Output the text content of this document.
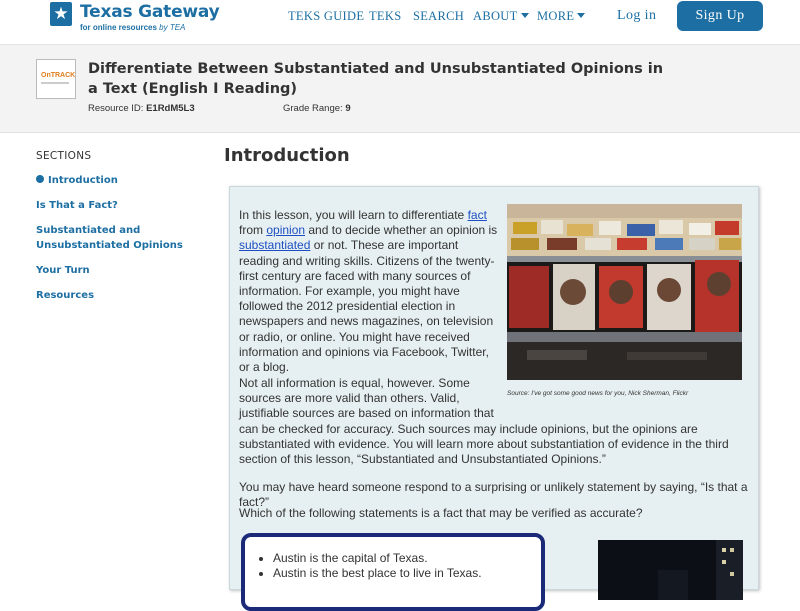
★ Texas Gateway
for online resources by TEA
TEKS GUIDE TEKS SEARCH ABOUT	MORE	Log in	Sign Up
OnTRACK Differentiate Between Substantiated and Unsubstantiated Opinions in a Text (English I Reading)
Resource ID: E1RdM5L3	Grade Range: 9
SECTIONS
Introduction
Is That a Fact?
Substantiated and Unsubstantiated Opinions
Your Turn
Resources
Introduction
In this lesson, you will learn to differentiate fact from opinion and to decide whether an opinion is substantiated or not. These are important reading and writing skills. Citizens of the twenty-first century are faced with many sources of information. For example, you might have followed the 2012 presidential election in newspapers and news magazines, on television or radio, or online. You might have received information and opinions via Facebook, Twitter, or a blog.
Source: I've got some good news for you, Nick Sherman, Flickr
Not all information is equal, however. Some sources are more valid than others. Valid, justifiable sources are based on information that can be checked for accuracy. Such sources may include opinions, but the opinions are substantiated with evidence. You will learn more about substantiation of evidence in the third section of this lesson, “Substantiated and Unsubstantiated Opinions.”
You may have heard someone respond to a surprising or unlikely statement by saying, “Is that a fact?”
Which of the following statements is a fact that may be verified as accurate?
• Austin is the capital of Texas.
• Austin is the best place to live in Texas.
